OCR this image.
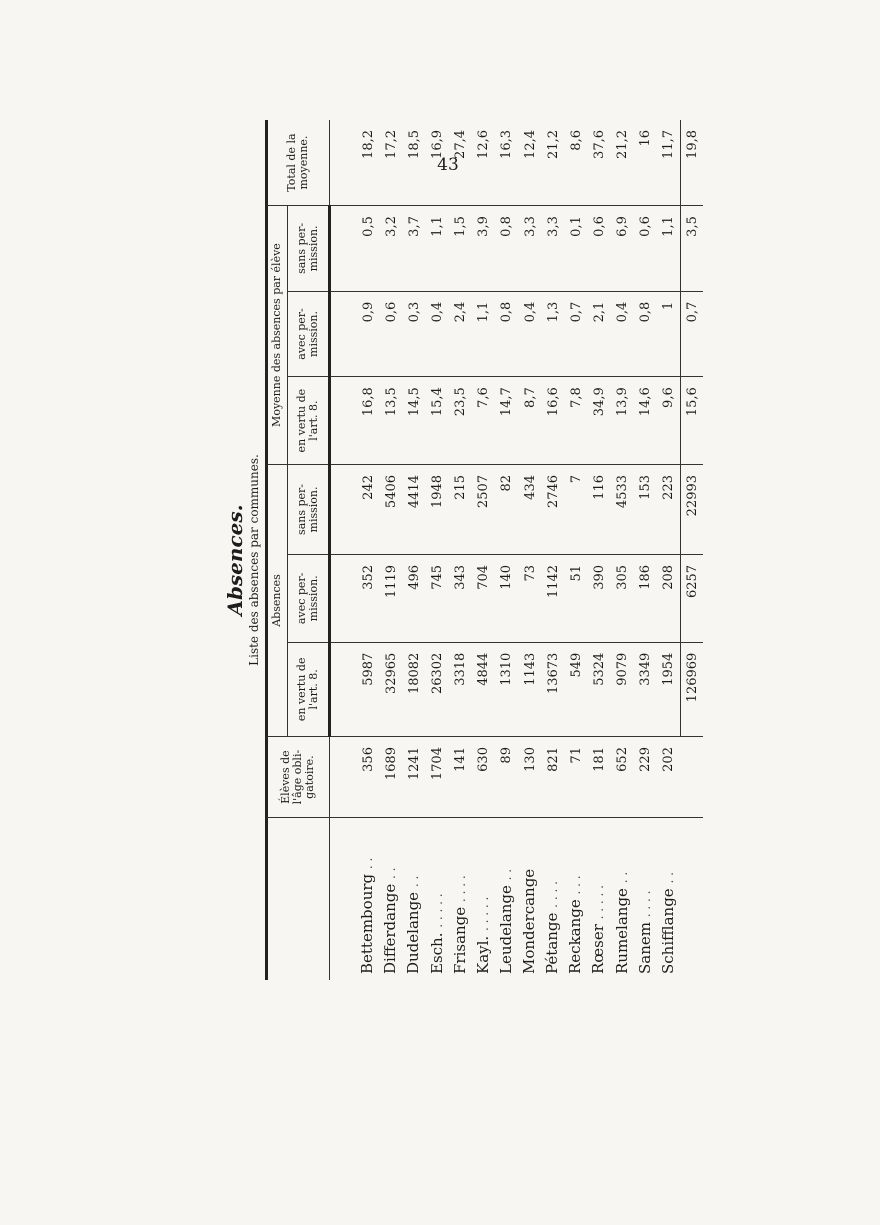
43
Absences. Liste des absences par communes.
	Élèves de l'âge obli-gatoire.	Absences			Moyenne des absences par élève			Total de la moyenne.
		en vertu de l'art. 8.	avec per-mission.	sans per-mission.	en vertu de l'art. 8.	avec per-mission.	sans per-mission.	

Bettembourg . .	356	5987	352	242	16,8	0,9	0,5	18,2
Differdange . .	1689	32965	1119	5406	13,5	0,6	3,2	17,2
Dudelange . .	1241	18082	496	4414	14,5	0,3	3,7	18,5
Esch. . . . . .	1704	26302	745	1948	15,4	0,4	1,1	16,9
Frisange . . . .	141	3318	343	215	23,5	2,4	1,5	27,4
Kayl. . . . . .	630	4844	704	2507	7,6	1,1	3,9	12,6
Leudelange . .	89	1310	140	82	14,7	0,8	0,8	16,3
Mondercange	130	1143	73	434	8,7	0,4	3,3	12,4
Pétange . . . .	821	13673	1142	2746	16,6	1,3	3,3	21,2
Reckange . . .	71	549	51	7	7,8	0,7	0,1	8,6
Rœser . . . . .	181	5324	390	116	34,9	2,1	0,6	37,6
Rumelange . .	652	9079	305	4533	13,9	0,4	6,9	21,2
Sanem . . . .	229	3349	186	153	14,6	0,8	0,6	16
Schifflange . .	202	1954	208	223	9,6	1	1,1	11,7
		126969	6257	22993	15,6	0,7	3,5	19,8
